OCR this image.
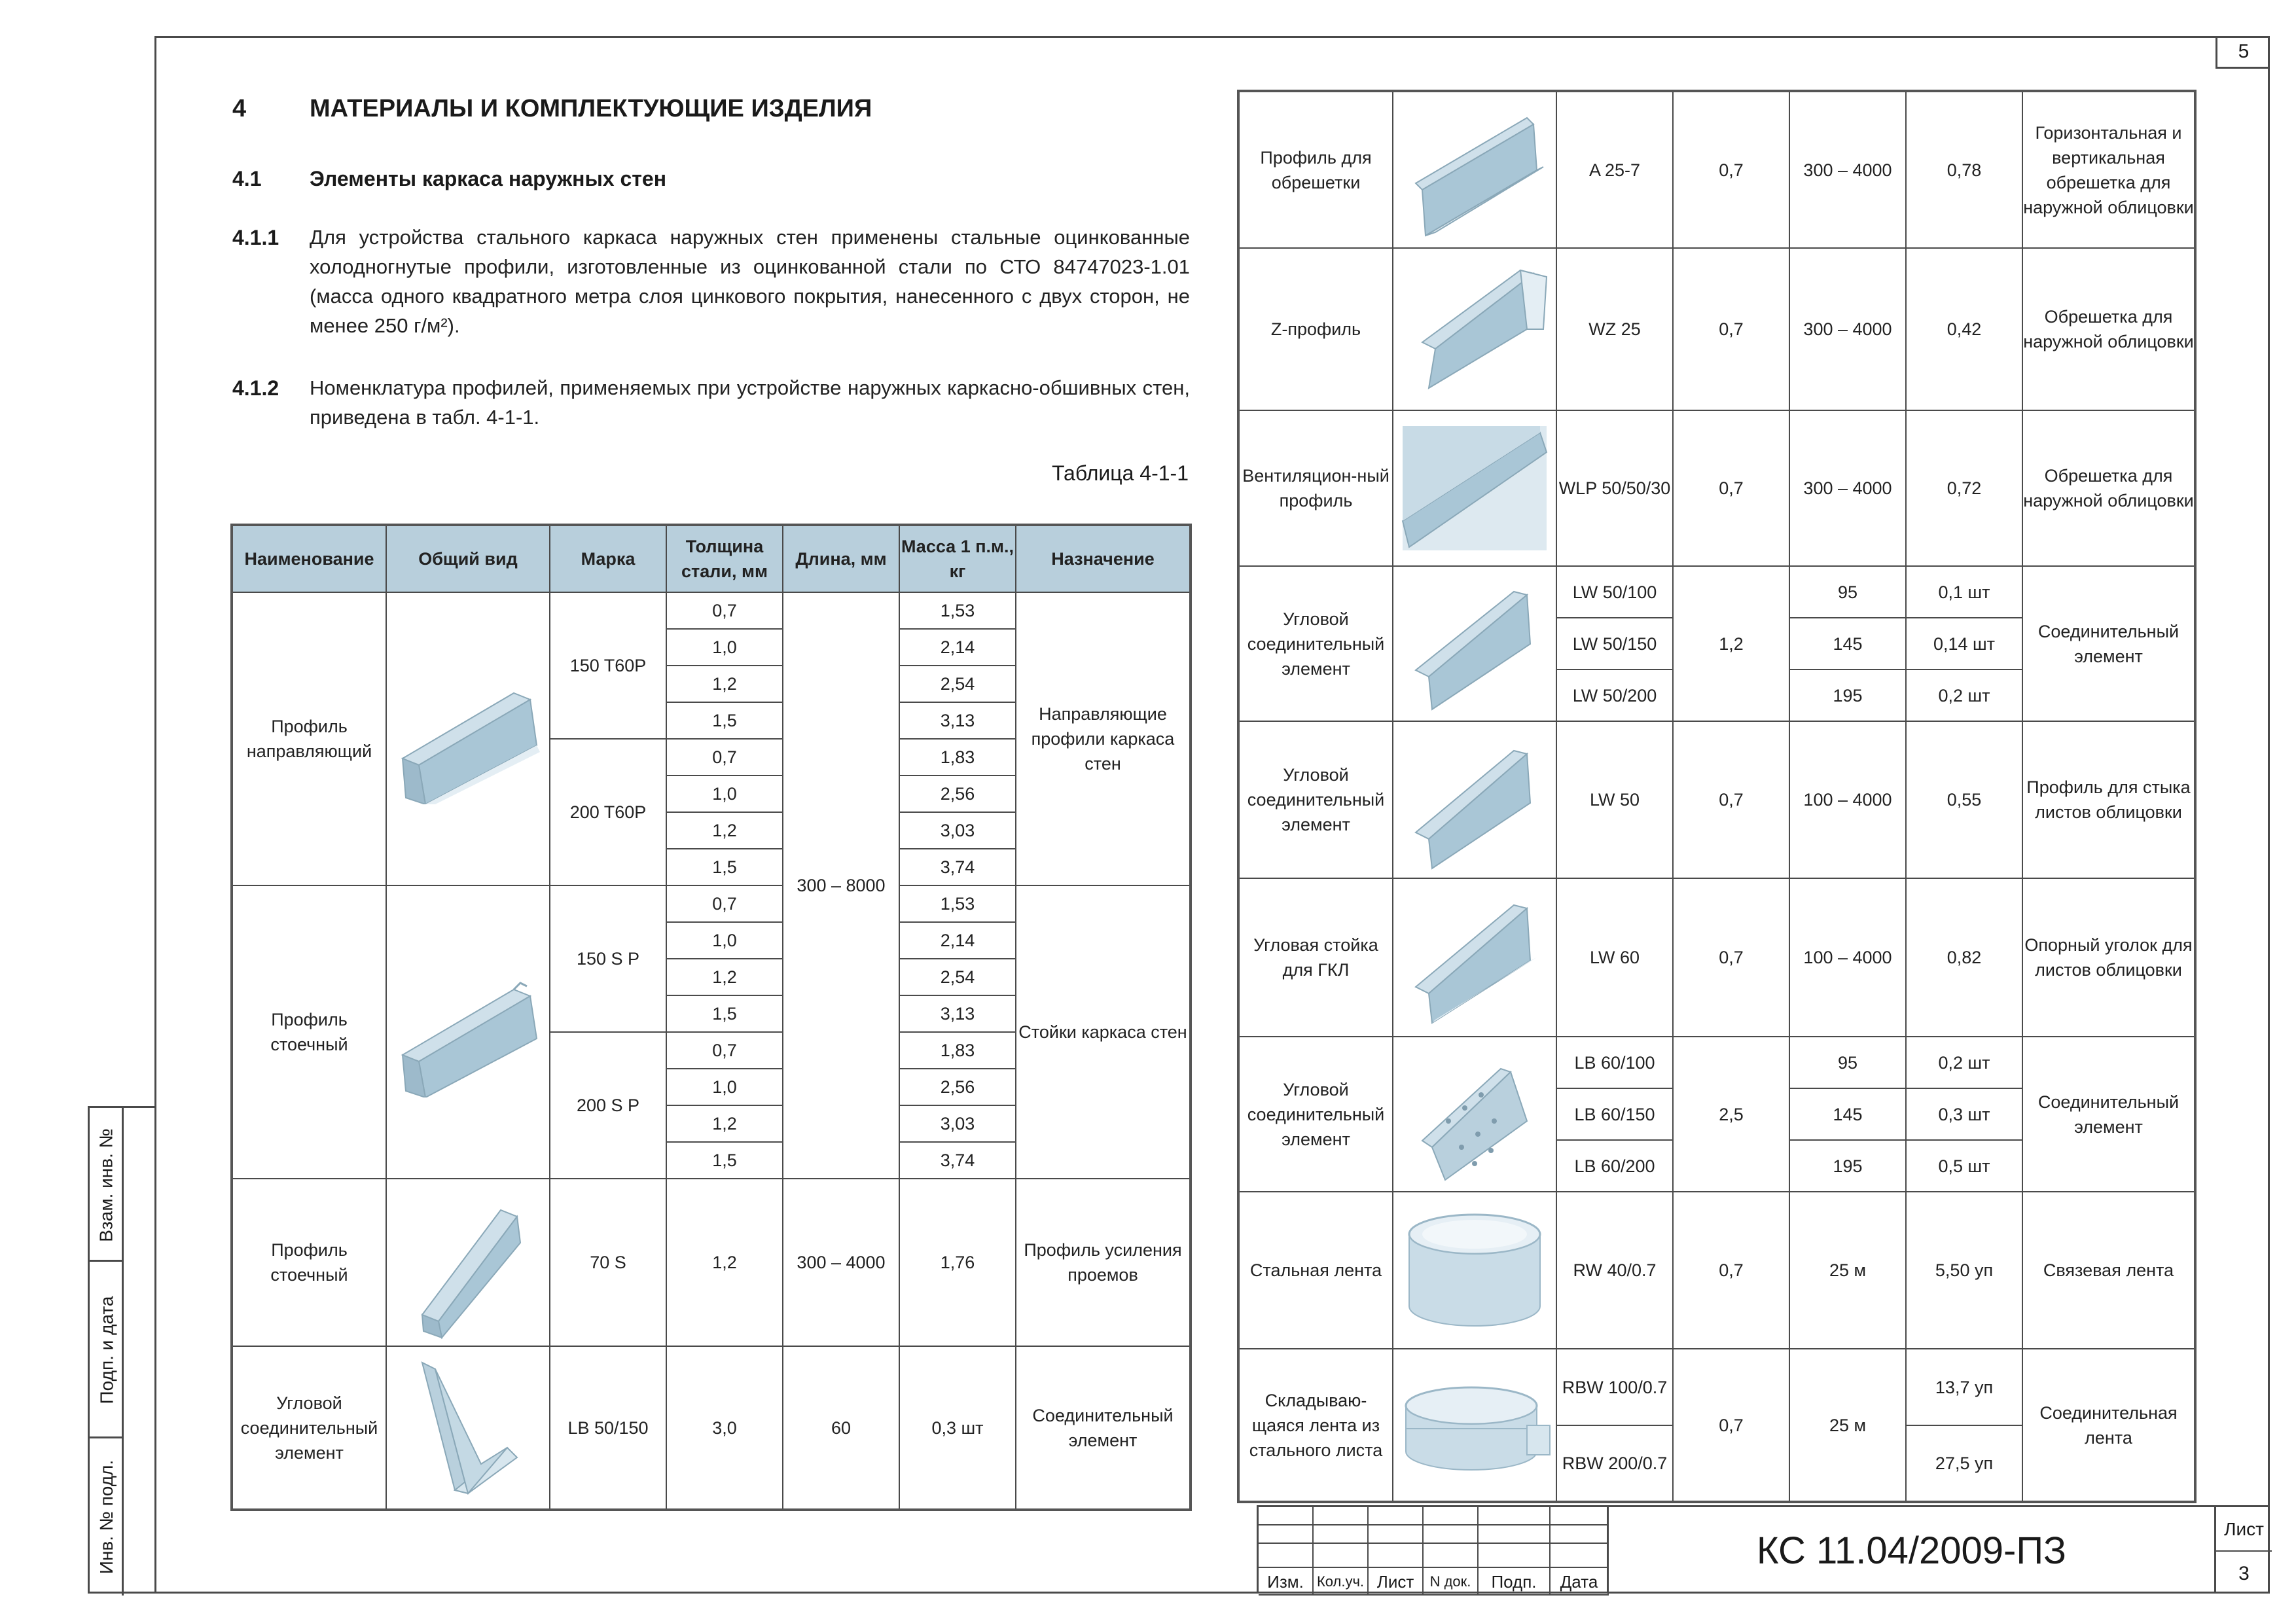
5
Взам. инв. №
Подп. и дата
Инв. № подл.
4	МАТЕРИАЛЫ И КОМПЛЕКТУЮЩИЕ ИЗДЕЛИЯ
4.1 Элементы каркаса наружных стен
4.1.1 Для устройства стального каркаса наружных стен применены стальные оцинкованные холодногнутые профили, изготовленные из оцинкованной стали по СТО 84747023-1.01 (масса одного квадратного метра слоя цинкового покрытия, нанесенного с двух сторон, не менее 250 г/м²).
4.1.2 Номенклатура профилей, применяемых при устройстве наружных каркасно-обшивных стен, приведена в табл. 4-1-1.
Таблица 4-1-1
Наименование	Общий вид	Марка	Толщина стали, мм	Длина, мм	Масса 1 п.м., кг	Назначение
Профиль направляющий		150 T60P	0,7	300 – 8000	1,53	Направляющие профили каркаса стен
			1,0		2,14	
			1,2		2,54	
			1,5		3,13	
		200 T60P	0,7		1,83	
			1,0		2,56	
			1,2		3,03	
			1,5		3,74	
Профиль стоечный		150 S P	0,7		1,53	Стойки каркаса стен
			1,0		2,14	
			1,2		2,54	
			1,5		3,13	
		200 S P	0,7		1,83	
			1,0		2,56	
			1,2		3,03	
			1,5		3,74	
Профиль стоечный		70 S	1,2	300 – 4000	1,76	Профиль усиления проемов
Угловой соединительный элемент		LB 50/150	3,0	60	0,3 шт	Соединительный элемент
Профиль для обрешетки		A 25-7	0,7	300 – 4000	0,78	Горизонтальная и вертикальная обрешетка для наружной облицовки
Z-профиль		WZ 25	0,7	300 – 4000	0,42	Обрешетка для наружной облицовки
Вентиляцион-ный профиль		WLP 50/50/30	0,7	300 – 4000	0,72	Обрешетка для наружной облицовки
Угловой соединительный элемент		LW 50/100	1,2	95	0,1 шт	Соединительный элемент
		LW 50/150		145	0,14 шт	
		LW 50/200		195	0,2 шт	
Угловой соединительный элемент		LW 50	0,7	100 – 4000	0,55	Профиль для стыка листов облицовки
Угловая стойка для ГКЛ		LW 60	0,7	100 – 4000	0,82	Опорный уголок для листов облицовки
Угловой соединительный элемент		LB 60/100	2,5	95	0,2 шт	Соединительный элемент
		LB 60/150		145	0,3 шт	
		LB 60/200		195	0,5 шт	
Стальная лента		RW 40/0.7	0,7	25 м	5,50 уп	Связевая лента
Складываю-щаяся лента из стального листа		RBW 100/0.7	0,7	25 м	13,7 уп	Соединительная лента
		RBW 200/0.7			27,5 уп	
Изм. Кол.уч. Лист	N док.	Подп.	Дата
КС 11.04/2009-ПЗ	Лист
3
